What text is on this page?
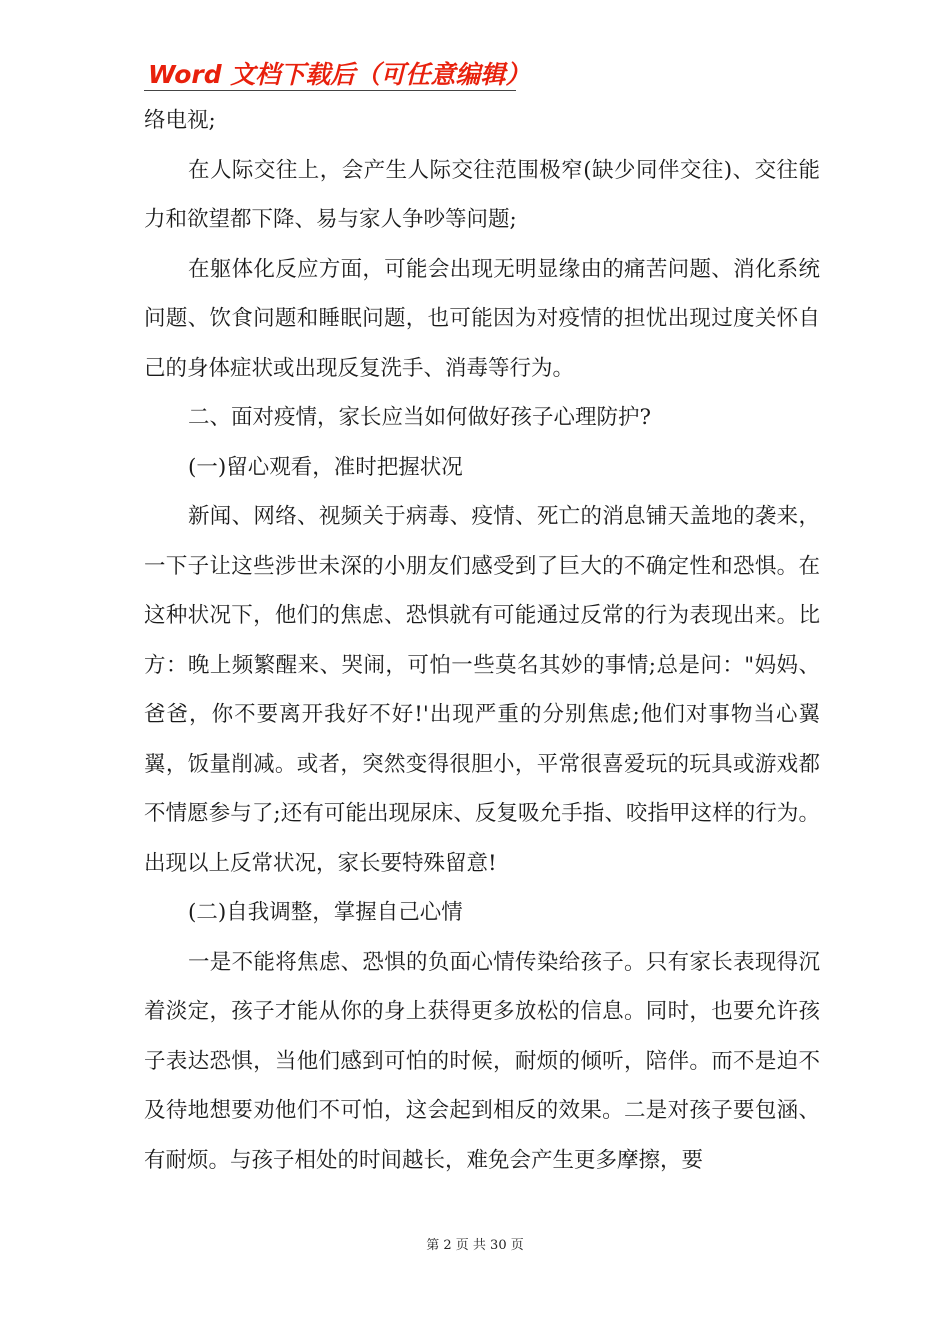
Word 文档下载后（可任意编辑）

络电视;

在人际交往上，会产生人际交往范围极窄(缺少同伴交往)、交往能力和欲望都下降、易与家人争吵等问题;

在躯体化反应方面，可能会出现无明显缘由的痛苦问题、消化系统问题、饮食问题和睡眠问题，也可能因为对疫情的担忧出现过度关怀自己的身体症状或出现反复洗手、消毒等行为。

二、面对疫情，家长应当如何做好孩子心理防护?

(一)留心观看，准时把握状况

新闻、网络、视频关于病毒、疫情、死亡的消息铺天盖地的袭来，一下子让这些涉世未深的小朋友们感受到了巨大的不确定性和恐惧。在这种状况下，他们的焦虑、恐惧就有可能通过反常的行为表现出来。比方：晚上频繁醒来、哭闹，可怕一些莫名其妙的事情;总是问："妈妈、爸爸，你不要离开我好不好!'出现严重的分别焦虑;他们对事物当心翼翼，饭量削减。或者，突然变得很胆小，平常很喜爱玩的玩具或游戏都不情愿参与了;还有可能出现尿床、反复吸允手指、咬指甲这样的行为。出现以上反常状况，家长要特殊留意!

(二)自我调整，掌握自己心情

一是不能将焦虑、恐惧的负面心情传染给孩子。只有家长表现得沉着淡定，孩子才能从你的身上获得更多放松的信息。同时，也要允许孩子表达恐惧，当他们感到可怕的时候，耐烦的倾听，陪伴。而不是迫不及待地想要劝他们不可怕，这会起到相反的效果。二是对孩子要包涵、有耐烦。与孩子相处的时间越长，难免会产生更多摩擦，要

第 2 页 共 30 页
